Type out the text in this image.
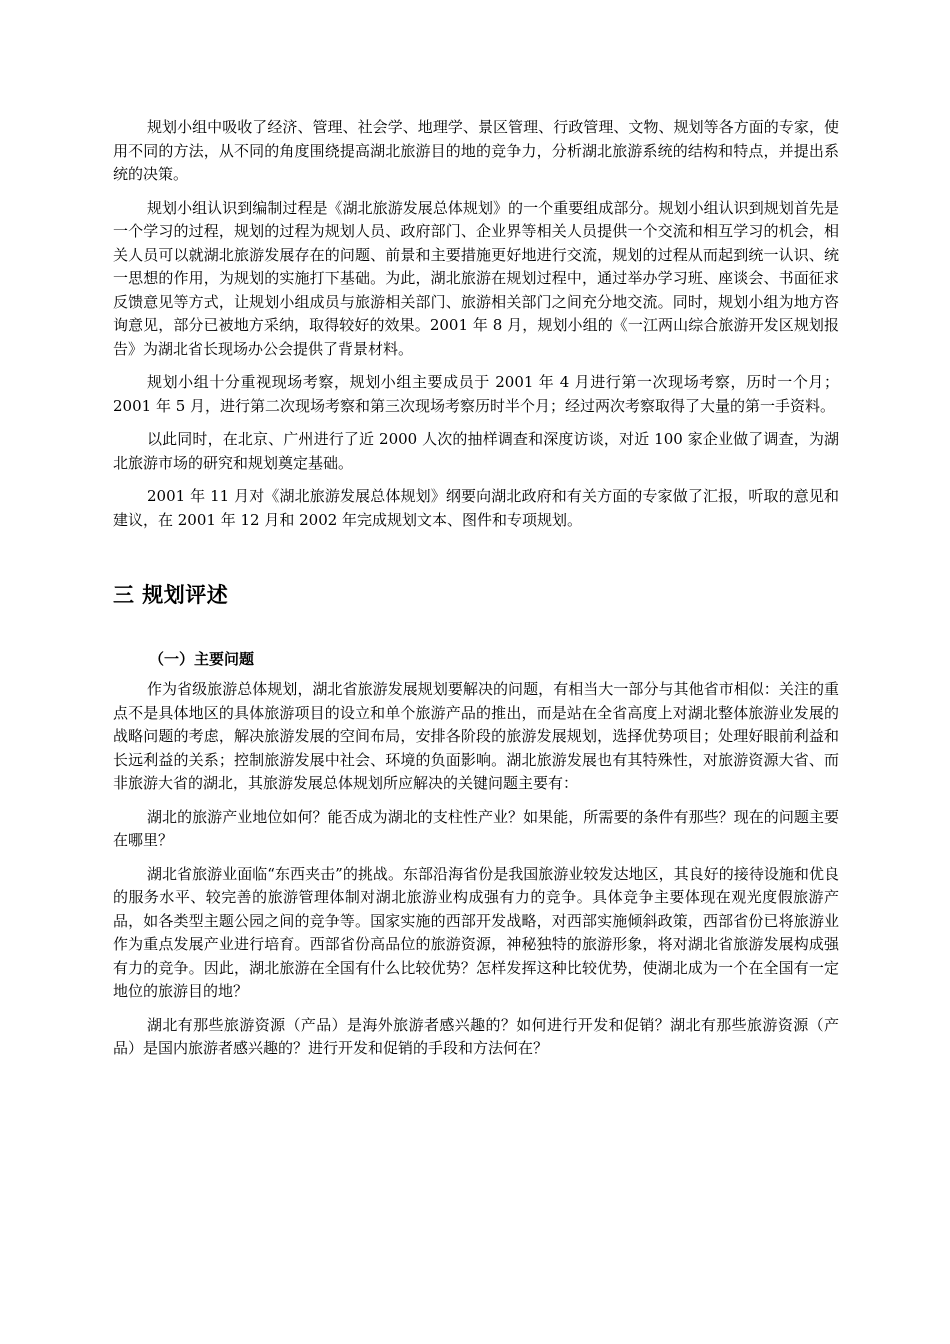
规划小组中吸收了经济、管理、社会学、地理学、景区管理、行政管理、文物、规划等各方面的专家，使用不同的方法，从不同的角度围绕提高湖北旅游目的地的竞争力，分析湖北旅游系统的结构和特点，并提出系统的决策。

规划小组认识到编制过程是《湖北旅游发展总体规划》的一个重要组成部分。规划小组认识到规划首先是一个学习的过程，规划的过程为规划人员、政府部门、企业界等相关人员提供一个交流和相互学习的机会，相关人员可以就湖北旅游发展存在的问题、前景和主要措施更好地进行交流，规划的过程从而起到统一认识、统一思想的作用，为规划的实施打下基础。为此，湖北旅游在规划过程中，通过举办学习班、座谈会、书面征求反馈意见等方式，让规划小组成员与旅游相关部门、旅游相关部门之间充分地交流。同时，规划小组为地方咨询意见，部分已被地方采纳，取得较好的效果。2001 年 8 月，规划小组的《一江两山综合旅游开发区规划报告》为湖北省长现场办公会提供了背景材料。

规划小组十分重视现场考察，规划小组主要成员于 2001 年 4 月进行第一次现场考察，历时一个月；2001 年 5 月，进行第二次现场考察和第三次现场考察历时半个月；经过两次考察取得了大量的第一手资料。

以此同时，在北京、广州进行了近 2000 人次的抽样调查和深度访谈，对近 100 家企业做了调查，为湖北旅游市场的研究和规划奠定基础。

2001 年 11 月对《湖北旅游发展总体规划》纲要向湖北政府和有关方面的专家做了汇报，听取的意见和建议，在 2001 年 12 月和 2002 年完成规划文本、图件和专项规划。

三 规划评述
（一）主要问题

作为省级旅游总体规划，湖北省旅游发展规划要解决的问题，有相当大一部分与其他省市相似：关注的重点不是具体地区的具体旅游项目的设立和单个旅游产品的推出，而是站在全省高度上对湖北整体旅游业发展的战略问题的考虑，解决旅游发展的空间布局，安排各阶段的旅游发展规划，选择优势项目；处理好眼前利益和长远利益的关系；控制旅游发展中社会、环境的负面影响。湖北旅游发展也有其特殊性，对旅游资源大省、而非旅游大省的湖北，其旅游发展总体规划所应解决的关键问题主要有：

湖北的旅游产业地位如何？能否成为湖北的支柱性产业？如果能，所需要的条件有那些？现在的问题主要在哪里？

湖北省旅游业面临“东西夹击”的挑战。东部沿海省份是我国旅游业较发达地区，其良好的接待设施和优良的服务水平、较完善的旅游管理体制对湖北旅游业构成强有力的竞争。具体竞争主要体现在观光度假旅游产品，如各类型主题公园之间的竞争等。国家实施的西部开发战略，对西部实施倾斜政策，西部省份已将旅游业作为重点发展产业进行培育。西部省份高品位的旅游资源，神秘独特的旅游形象，将对湖北省旅游发展构成强有力的竞争。因此，湖北旅游在全国有什么比较优势？怎样发挥这种比较优势，使湖北成为一个在全国有一定地位的旅游目的地？

湖北有那些旅游资源（产品）是海外旅游者感兴趣的？如何进行开发和促销？湖北有那些旅游资源（产品）是国内旅游者感兴趣的？进行开发和促销的手段和方法何在？
